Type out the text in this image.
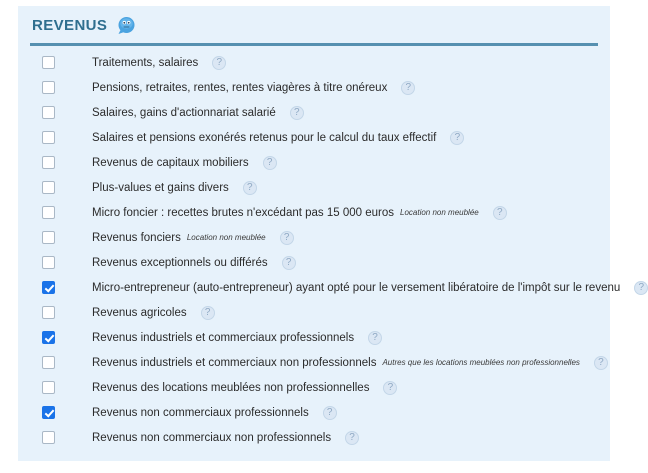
REVENUS
Traitements, salaires	?
Pensions, retraites, rentes, rentes viagères à titre onéreux	?
Salaires, gains d'actionnariat salarié	?
Salaires et pensions exonérés retenus pour le calcul du taux effectif	?
Revenus de capitaux mobiliers	?
Plus-values et gains divers	?
Micro foncier : recettes brutes n'excédant pas 15 000 euros Location non meublée	?
Revenus fonciers Location non meublée	?
Revenus exceptionnels ou différés	?
Micro-entrepreneur (auto-entrepreneur) ayant opté pour le versement libératoire de l'impôt sur le revenu	?
Revenus agricoles	?
Revenus industriels et commerciaux professionnels	?
Revenus industriels et commerciaux non professionnels Autres que les locations meublées non professionnelles	?
Revenus des locations meublées non professionnelles	?
Revenus non commerciaux professionnels	?
Revenus non commerciaux non professionnels	?
